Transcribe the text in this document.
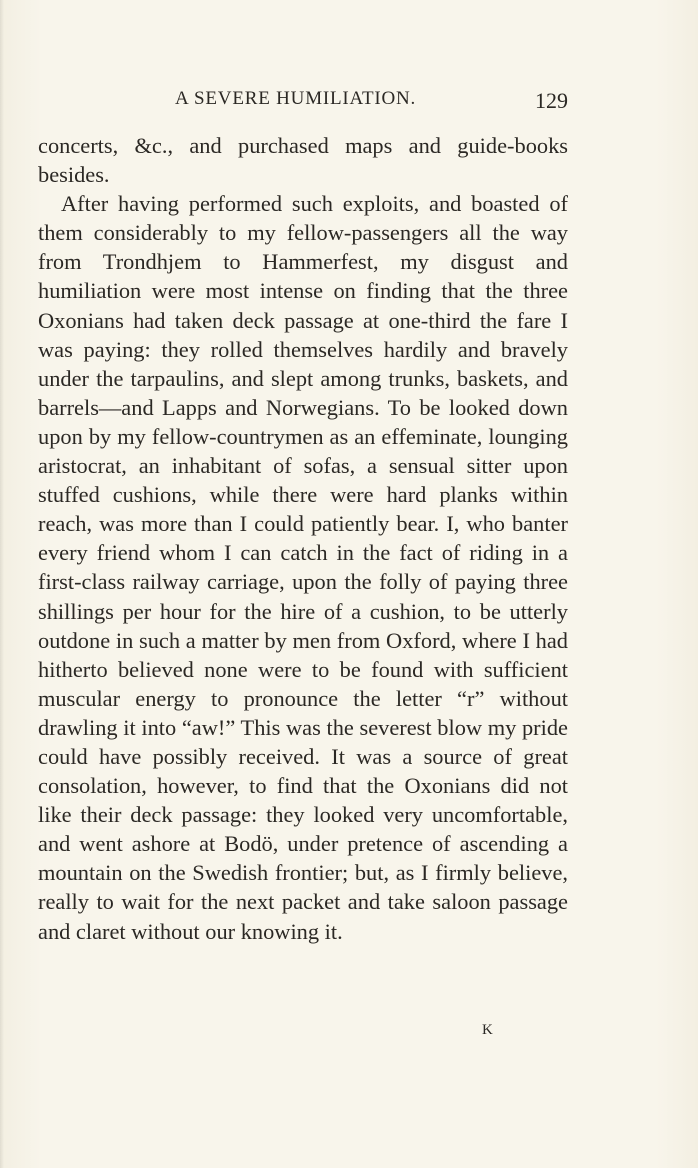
A SEVERE HUMILIATION.	129

concerts, &c., and purchased maps and guide-books besides.

After having performed such exploits, and boasted of them considerably to my fellow-passengers all the way from Trondhjem to Hammerfest, my disgust and humiliation were most intense on finding that the three Oxonians had taken deck passage at one-third the fare I was paying: they rolled themselves hardily and bravely under the tarpaulins, and slept among trunks, baskets, and barrels—and Lapps and Norwegians. To be looked down upon by my fellow-countrymen as an effeminate, lounging aristocrat, an inhabitant of sofas, a sensual sitter upon stuffed cushions, while there were hard planks within reach, was more than I could patiently bear. I, who banter every friend whom I can catch in the fact of riding in a first-class railway carriage, upon the folly of paying three shillings per hour for the hire of a cushion, to be utterly outdone in such a matter by men from Oxford, where I had hitherto believed none were to be found with sufficient muscular energy to pronounce the letter “r” without drawling it into “aw!” This was the severest blow my pride could have possibly received. It was a source of great consolation, however, to find that the Oxonians did not like their deck passage: they looked very uncomfortable, and went ashore at Bodö, under pretence of ascending a mountain on the Swedish frontier; but, as I firmly believe, really to wait for the next packet and take saloon passage and claret without our knowing it.

K
